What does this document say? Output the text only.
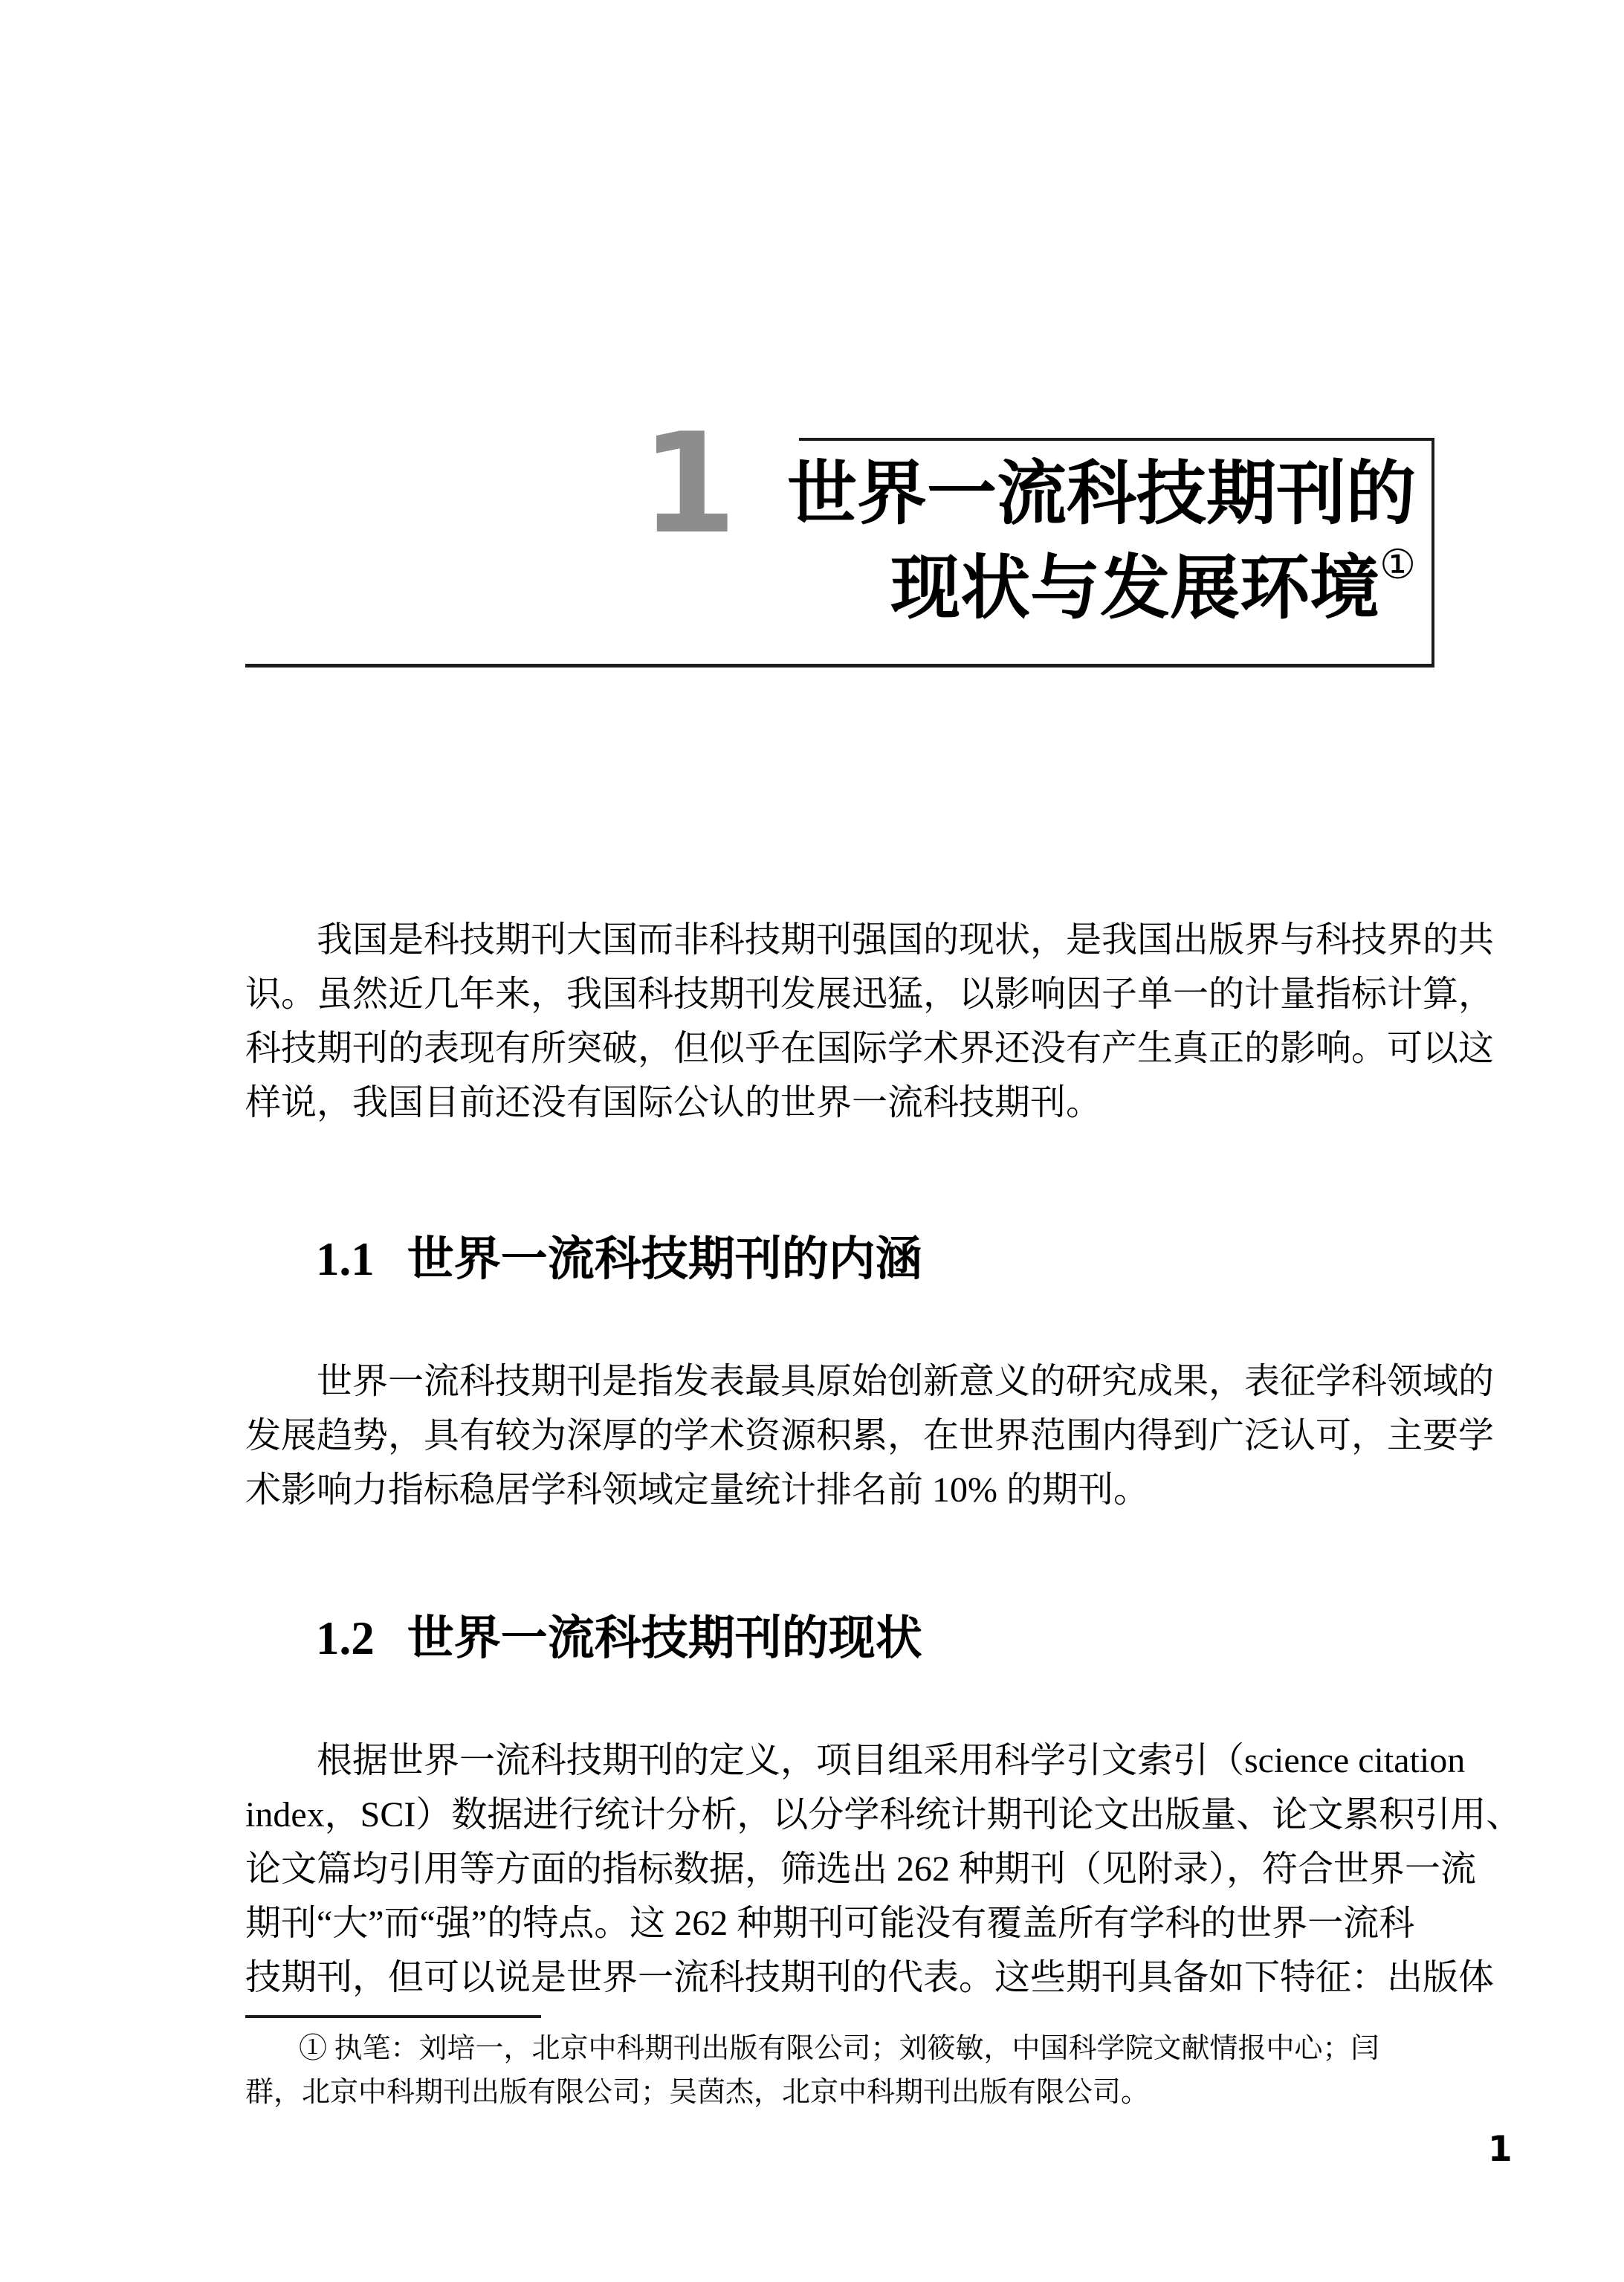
1 世界一流科技期刊的
现状与发展环境①
我国是科技期刊大国而非科技期刊强国的现状，是我国出版界与科技界的共
识。虽然近几年来，我国科技期刊发展迅猛，以影响因子单一的计量指标计算，
科技期刊的表现有所突破，但似乎在国际学术界还没有产生真正的影响。可以这
样说，我国目前还没有国际公认的世界一流科技期刊。
1.1 世界一流科技期刊的内涵
世界一流科技期刊是指发表最具原始创新意义的研究成果，表征学科领域的
发展趋势，具有较为深厚的学术资源积累，在世界范围内得到广泛认可，主要学
术影响力指标稳居学科领域定量统计排名前 10% 的期刊。
1.2 世界一流科技期刊的现状
根据世界一流科技期刊的定义，项目组采用科学引文索引（science citation
index，SCI）数据进行统计分析，以分学科统计期刊论文出版量、论文累积引用、
论文篇均引用等方面的指标数据，筛选出 262 种期刊（见附录），符合世界一流
期刊“大”而“强”的特点。这 262 种期刊可能没有覆盖所有学科的世界一流科
技期刊，但可以说是世界一流科技期刊的代表。这些期刊具备如下特征：出版体
① 执笔：刘培一，北京中科期刊出版有限公司；刘筱敏，中国科学院文献情报中心；闫
群，北京中科期刊出版有限公司；吴茵杰，北京中科期刊出版有限公司。
1
